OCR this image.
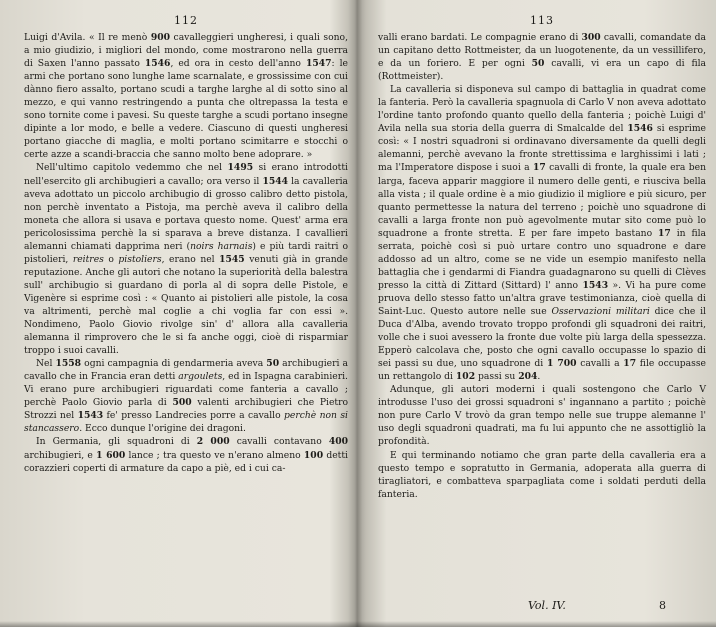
112

Luigi d'Avila. « Il re menò 900 cavalleggieri ungheresi, i quali sono, a mio giudizio, i migliori del mondo, come mostrarono nella guerra di Saxen l'anno passato 1546, ed ora in cesto dell'anno 1547: le armi che portano sono lunghe lame scarnalate, e grossissime con cui dànno fiero assalto, portano scudi a targhe larghe al di sotto sino al mezzo, e qui vanno restringendo a punta che oltrepassa la testa e sono tornite come i pavesi. Su queste targhe a scudi portano insegne dipinte a lor modo, e belle a vedere. Ciascuno di questi ungheresi portano giacche di maglia, e molti portano scimitarre e stocchi o certe azze a scandi-braccia che sanno molto bene adoprare. »

Nell'ultimo capitolo vedemmo che nel 1495 si erano introdotti nell'esercito gli archibugieri a cavallo; ora verso il 1544 la cavalleria aveva adottato un piccolo archibugio di grosso calibro detto pistola, non perchè inventato a Pistoja, ma perchè aveva il calibro della moneta che allora si usava e portava questo nome. Quest' arma era pericolosissima perchè la si sparava a breve distanza. I cavallieri alemanni chiamati dapprima neri (noirs harnais) e più tardi raitri o pistolieri, reitres o pistoliers, erano nel 1545 venuti già in grande reputazione. Anche gli autori che notano la superiorità della balestra sull' archibugio si guardano di porla al di sopra delle Pistole, e Vigenère si esprime così : « Quanto ai pistolieri alle pistole, la cosa va altrimenti, perchè mal coglie a chi voglia far con essi ». Nondimeno, Paolo Giovio rivolge sin' d' allora alla cavalleria alemanna il rimprovero che le si fa anche oggi, cioè di risparmiar troppo i suoi cavalli.

Nel 1558 ogni campagnia di gendarmeria aveva 50 archibugieri a cavallo che in Francia eran detti argoulets, ed in Ispagna carabinieri. Vi erano pure archibugieri riguardati come fanteria a cavallo ; perchè Paolo Giovio parla di 500 valenti archibugieri che Pietro Strozzi nel 1543 fe' presso Landrecies porre a cavallo perchè non si stancassero. Ecco dunque l'origine dei dragoni.

In Germania, gli squadroni di 2 000 cavalli contavano 400 archibugieri, e 1 600 lance ; tra questo ve n'erano almeno 100 detti corazzieri coperti di armature da capo a piè, ed i cui ca-

113

valli erano bardati. Le compagnie erano di 300 cavalli, comandate da un capitano detto Rottmeister, da un luogotenente, da un vessillifero, e da un foriero. E per ogni 50 cavalli, vi era un capo di fila (Rottmeister).

La cavalleria si disponeva sul campo di battaglia in quadrat come la fanteria. Però la cavalleria spagnuola di Carlo V non aveva adottato l'ordine tanto profondo quanto quello della fanteria ; poichè Luigi d' Avila nella sua storia della guerra di Smalcalde del 1546 si esprime così: « I nostri squadroni si ordinavano diversamente da quelli degli alemanni, perchè avevano la fronte strettissima e larghissimi i lati ; ma l'Imperatore dispose i suoi a 17 cavalli di fronte, la quale era ben larga, faceva apparir maggiore il numero delle genti, e riusciva bella alla vista ; il quale ordine è a mio giudizio il migliore e più sicuro, per quanto permettesse la natura del terreno ; poichè uno squadrone di cavalli a larga fronte non può agevolmente mutar sito come può lo squadrone a fronte stretta. E per fare impeto bastano 17 in fila serrata, poichè così si può urtare contro uno squadrone e dare addosso ad un altro, come se ne vide un esempio manifesto nella battaglia che i gendarmi di Fiandra guadagnarono su quelli di Clèves presso la città di Zittard (Sittard) l' anno 1543 ». Vi ha pure come pruova dello stesso fatto un'altra grave testimonianza, cioè quella di Saint-Luc. Questo autore nelle sue Osservazioni militari dice che il Duca d'Alba, avendo trovato troppo profondi gli squadroni dei raitri, volle che i suoi avessero la fronte due volte più larga della spessezza. Epperò calcolava che, posto che ogni cavallo occupasse lo spazio di sei passi su due, uno squadrone di 1 700 cavalli a 17 file occupasse un rettangolo di 102 passi su 204.

Adunque, gli autori moderni i quali sostengono che Carlo V introdusse l'uso dei grossi squadroni s' ingannano a partito ; poichè non pure Carlo V trovò da gran tempo nelle sue truppe alemanne l' uso degli squadroni quadrati, ma fu lui appunto che ne assottigliò la profondità.

E qui terminando notiamo che gran parte della cavalleria era a questo tempo e sopratutto in Germania, adoperata alla guerra di tiragliatori, e combatteva sparpagliata come i soldati perduti della fanteria.

Vol. IV.	8
